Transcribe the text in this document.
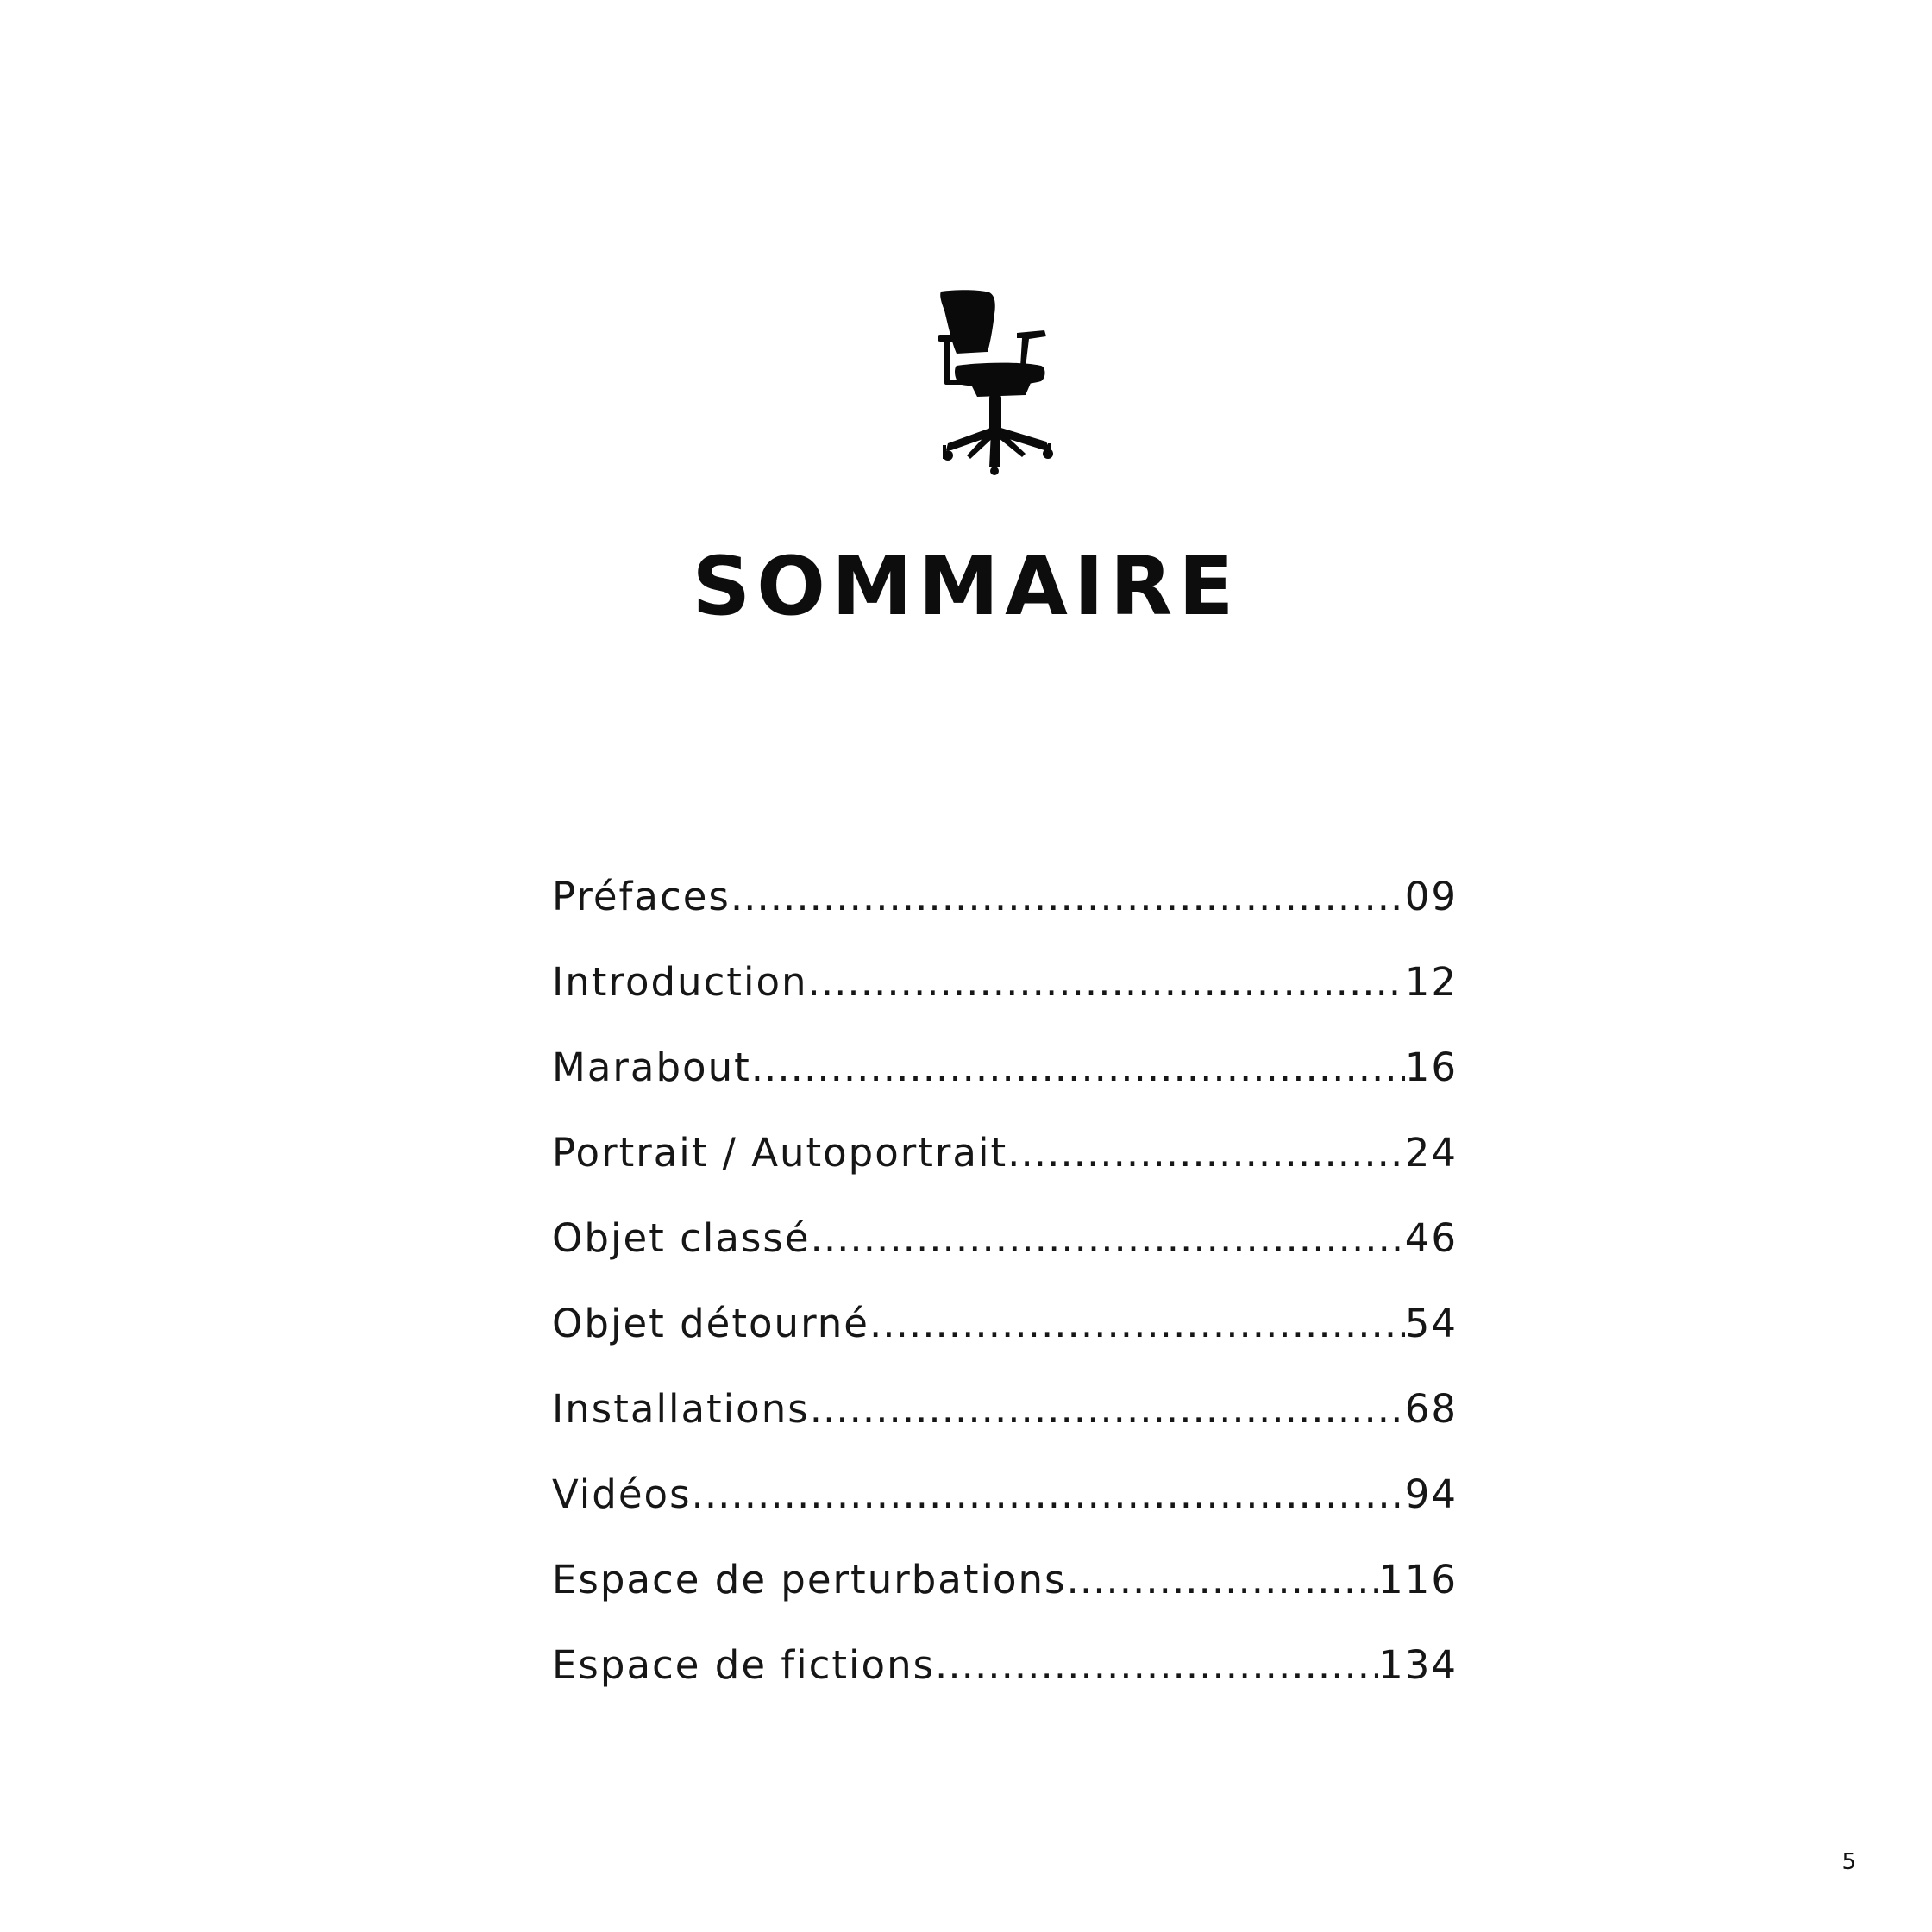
SOMMAIRE
Préfaces .....	09
Introduction .....	12
Marabout .....	16
Portrait / Autoportrait .....	24
Objet classé .....	46
Objet détourné .....	54
Installations .....	68
Vidéos .....	94
Espace de perturbations .....	116
Espace de fictions .....	134
5
